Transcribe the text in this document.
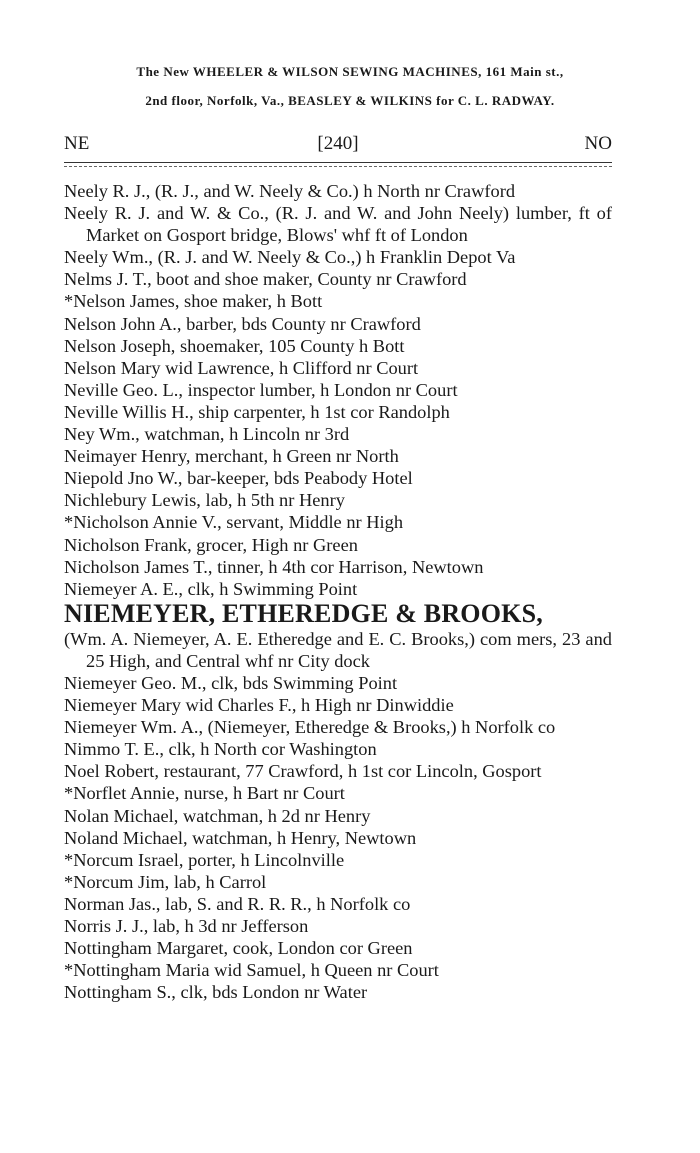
The New WHEELER & WILSON SEWING MACHINES, 161 Main st.,
2nd floor, Norfolk, Va., BEASLEY & WILKINS for C. L. RADWAY.
NE	[240]	NO
Neely R. J., (R. J., and W. Neely & Co.) h North nr Crawford
Neely R. J. and W. & Co., (R. J. and W. and John Neely) lumber, ft of Market on Gosport bridge, Blows' whf ft of London
Neely Wm., (R. J. and W. Neely & Co.,) h Franklin Depot Va
Nelms J. T., boot and shoe maker, County nr Crawford
*Nelson James, shoe maker, h Bott
Nelson John A., barber, bds County nr Crawford
Nelson Joseph, shoemaker, 105 County h Bott
Nelson Mary wid Lawrence, h Clifford nr Court
Neville Geo. L., inspector lumber, h London nr Court
Neville Willis H., ship carpenter, h 1st cor Randolph
Ney Wm., watchman, h Lincoln nr 3rd
Neimayer Henry, merchant, h Green nr North
Niepold Jno W., bar-keeper, bds Peabody Hotel
Nichlebury Lewis, lab, h 5th nr Henry
*Nicholson Annie V., servant, Middle nr High
Nicholson Frank, grocer, High nr Green
Nicholson James T., tinner, h 4th cor Harrison, Newtown
Niemeyer A. E., clk, h Swimming Point
NIEMEYER, ETHEREDGE & BROOKS,
(Wm. A. Niemeyer, A. E. Etheredge and E. C. Brooks,) com mers, 23 and 25 High, and Central whf nr City dock
Niemeyer Geo. M., clk, bds Swimming Point
Niemeyer Mary wid Charles F., h High nr Dinwiddie
Niemeyer Wm. A., (Niemeyer, Etheredge & Brooks,) h Norfolk co
Nimmo T. E., clk, h North cor Washington
Noel Robert, restaurant, 77 Crawford, h 1st cor Lincoln, Gosport
*Norflet Annie, nurse, h Bart nr Court
Nolan Michael, watchman, h 2d nr Henry
Noland Michael, watchman, h Henry, Newtown
*Norcum Israel, porter, h Lincolnville
*Norcum Jim, lab, h Carrol
Norman Jas., lab, S. and R. R. R., h Norfolk co
Norris J. J., lab, h 3d nr Jefferson
Nottingham Margaret, cook, London cor Green
*Nottingham Maria wid Samuel, h Queen nr Court
Nottingham S., clk, bds London nr Water
